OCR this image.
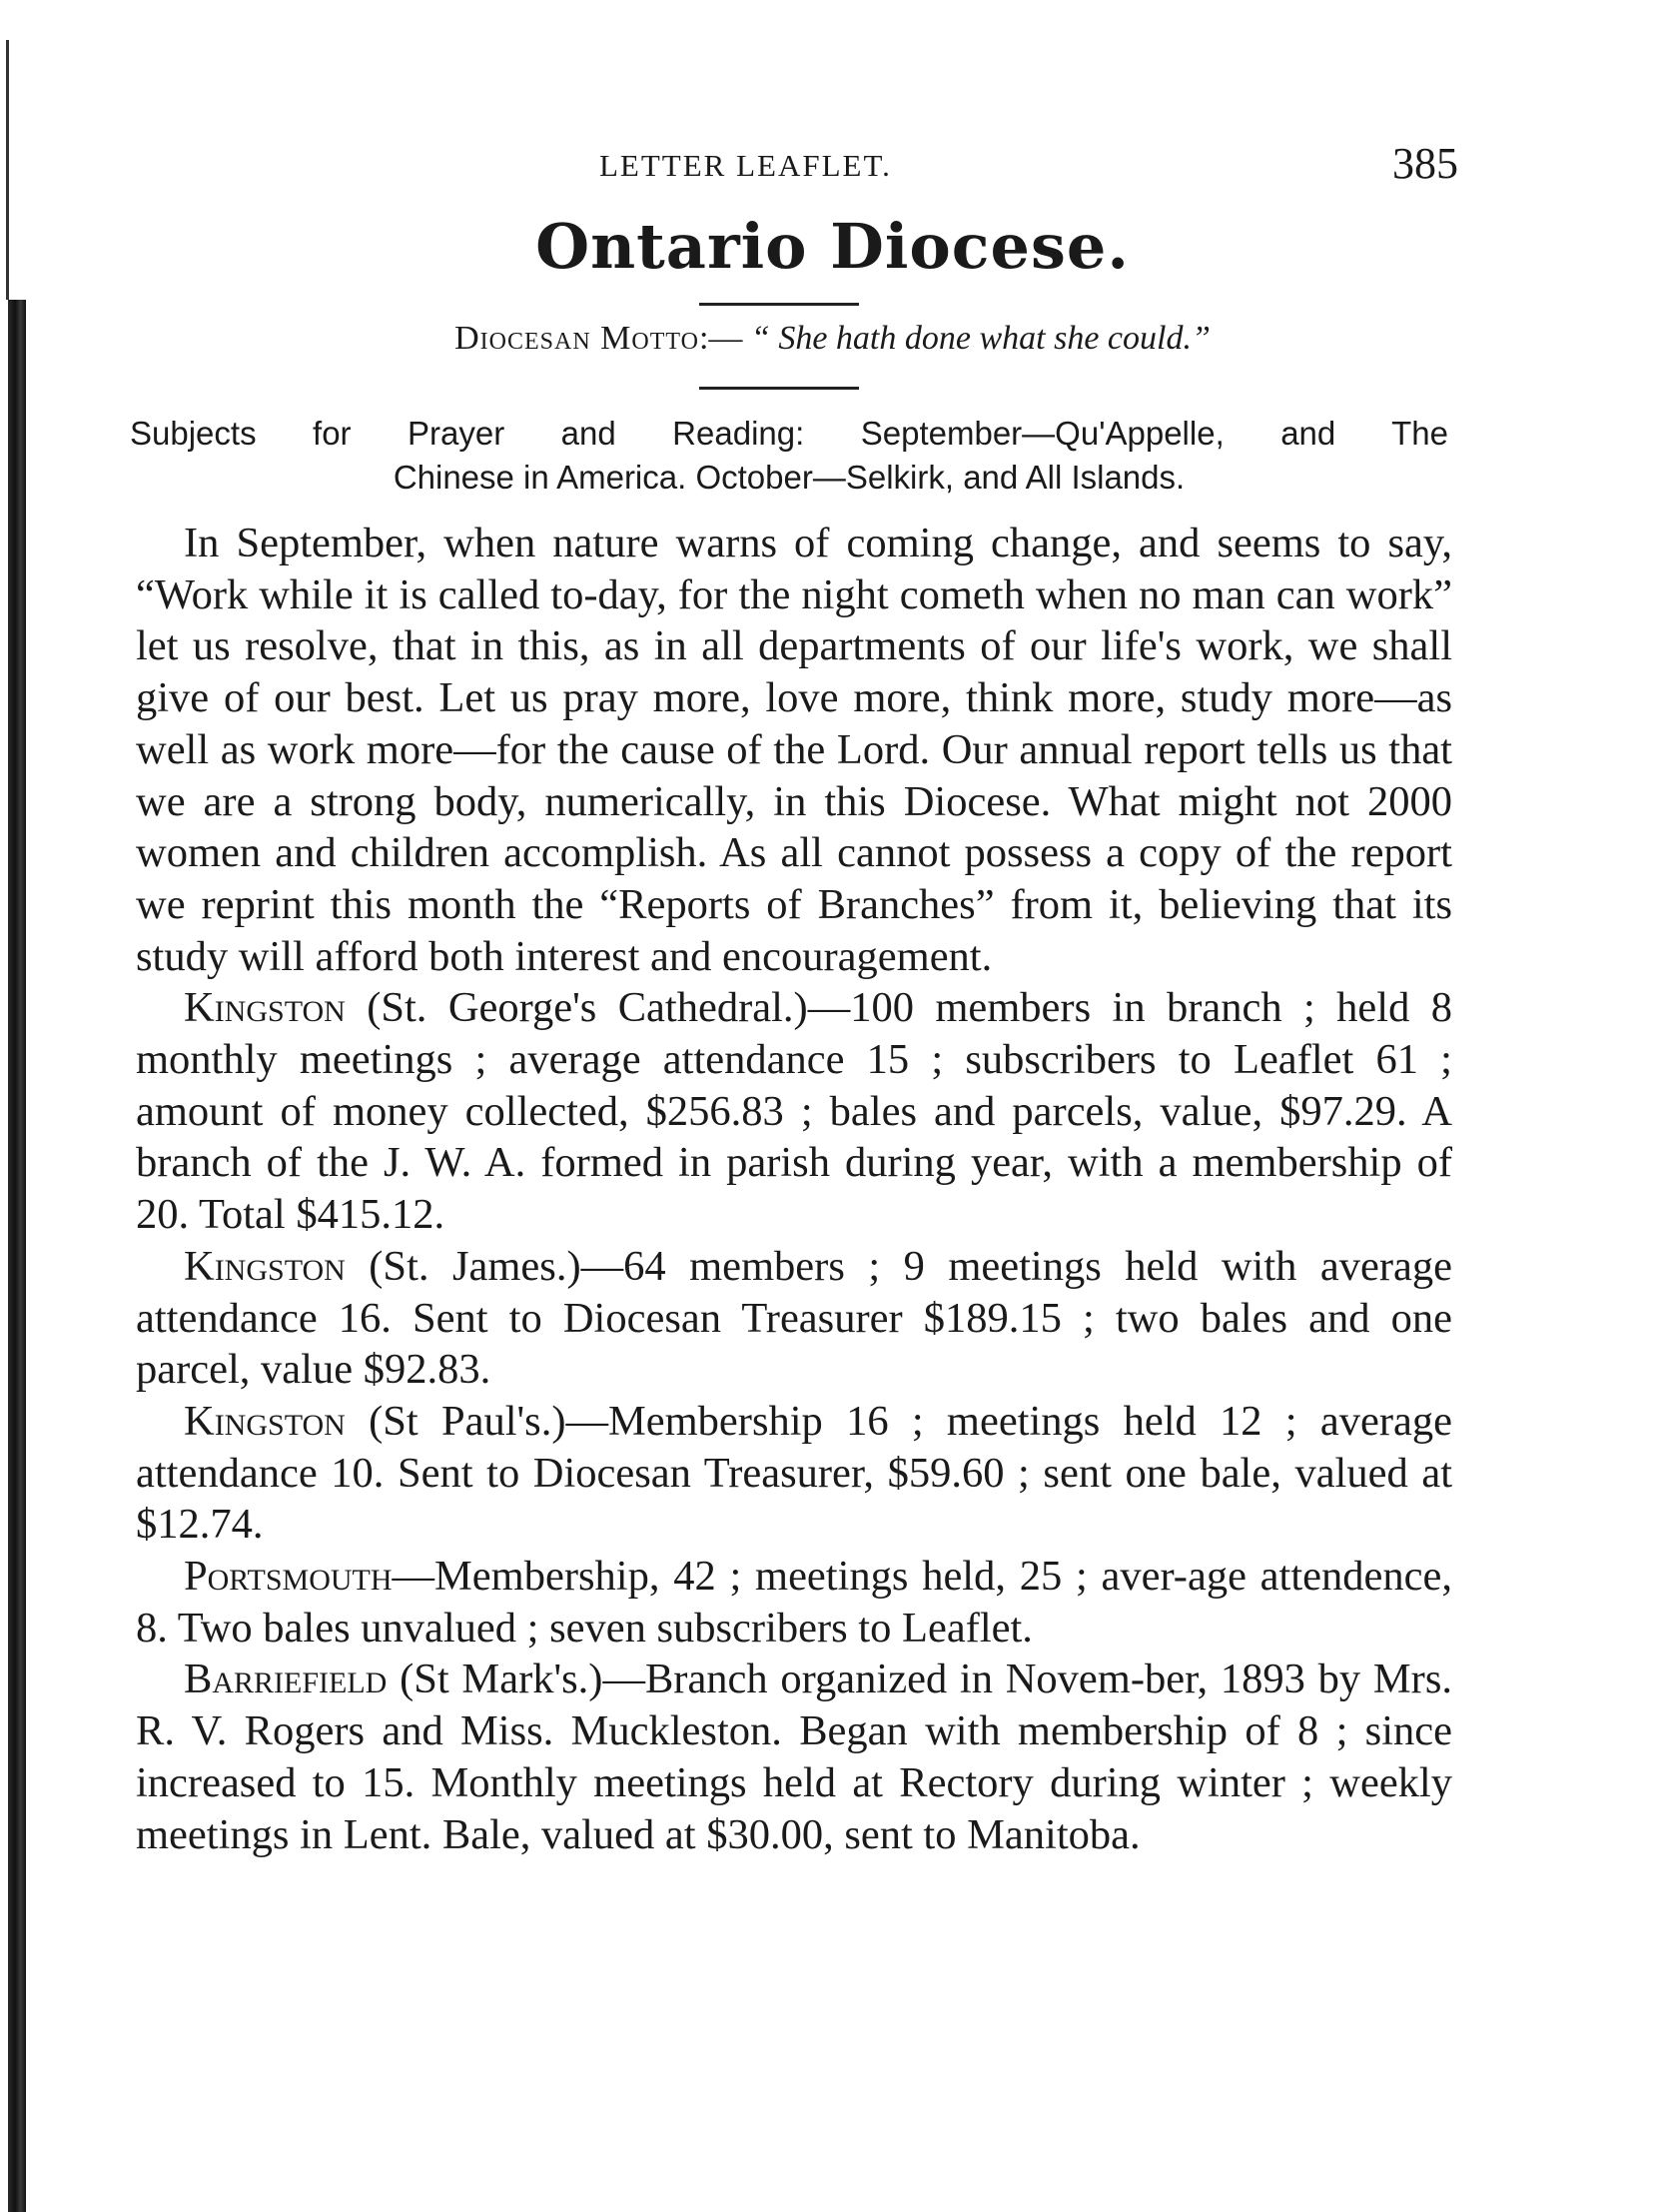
LETTER LEAFLET.	385
Ontario Diocese.
Diocesan Motto:— “ She hath done what she could.”
Subjects for Prayer and Reading: September—Qu'Appelle, and The
Chinese in America. October—Selkirk, and All Islands.

In September, when nature warns of coming change, and seems to say, “Work while it is called to-day, for the night cometh when no man can work” let us resolve, that in this, as in all departments of our life's work, we shall give of our best. Let us pray more, love more, think more, study more—as well as work more—for the cause of the Lord. Our annual report tells us that we are a strong body, numerically, in this Diocese. What might not 2000 women and children accomplish. As all cannot possess a copy of the report we reprint this month the “Reports of Branches” from it, believing that its study will afford both interest and encouragement.

Kingston (St. George's Cathedral.)—100 members in branch ; held 8 monthly meetings ; average attendance 15 ; subscribers to Leaflet 61 ; amount of money collected, $256.83 ; bales and parcels, value, $97.29. A branch of the J. W. A. formed in parish during year, with a membership of 20. Total $415.12.

Kingston (St. James.)—64 members ; 9 meetings held with average attendance 16. Sent to Diocesan Treasurer $189.15 ; two bales and one parcel, value $92.83.

Kingston (St Paul's.)—Membership 16 ; meetings held 12 ; average attendance 10. Sent to Diocesan Treasurer, $59.60 ; sent one bale, valued at $12.74.

Portsmouth—Membership, 42 ; meetings held, 25 ; aver-age attendence, 8. Two bales unvalued ; seven subscribers to Leaflet.

Barriefield (St Mark's.)—Branch organized in Novem-ber, 1893 by Mrs. R. V. Rogers and Miss. Muckleston. Began with membership of 8 ; since increased to 15. Monthly meetings held at Rectory during winter ; weekly meetings in Lent. Bale, valued at $30.00, sent to Manitoba.
